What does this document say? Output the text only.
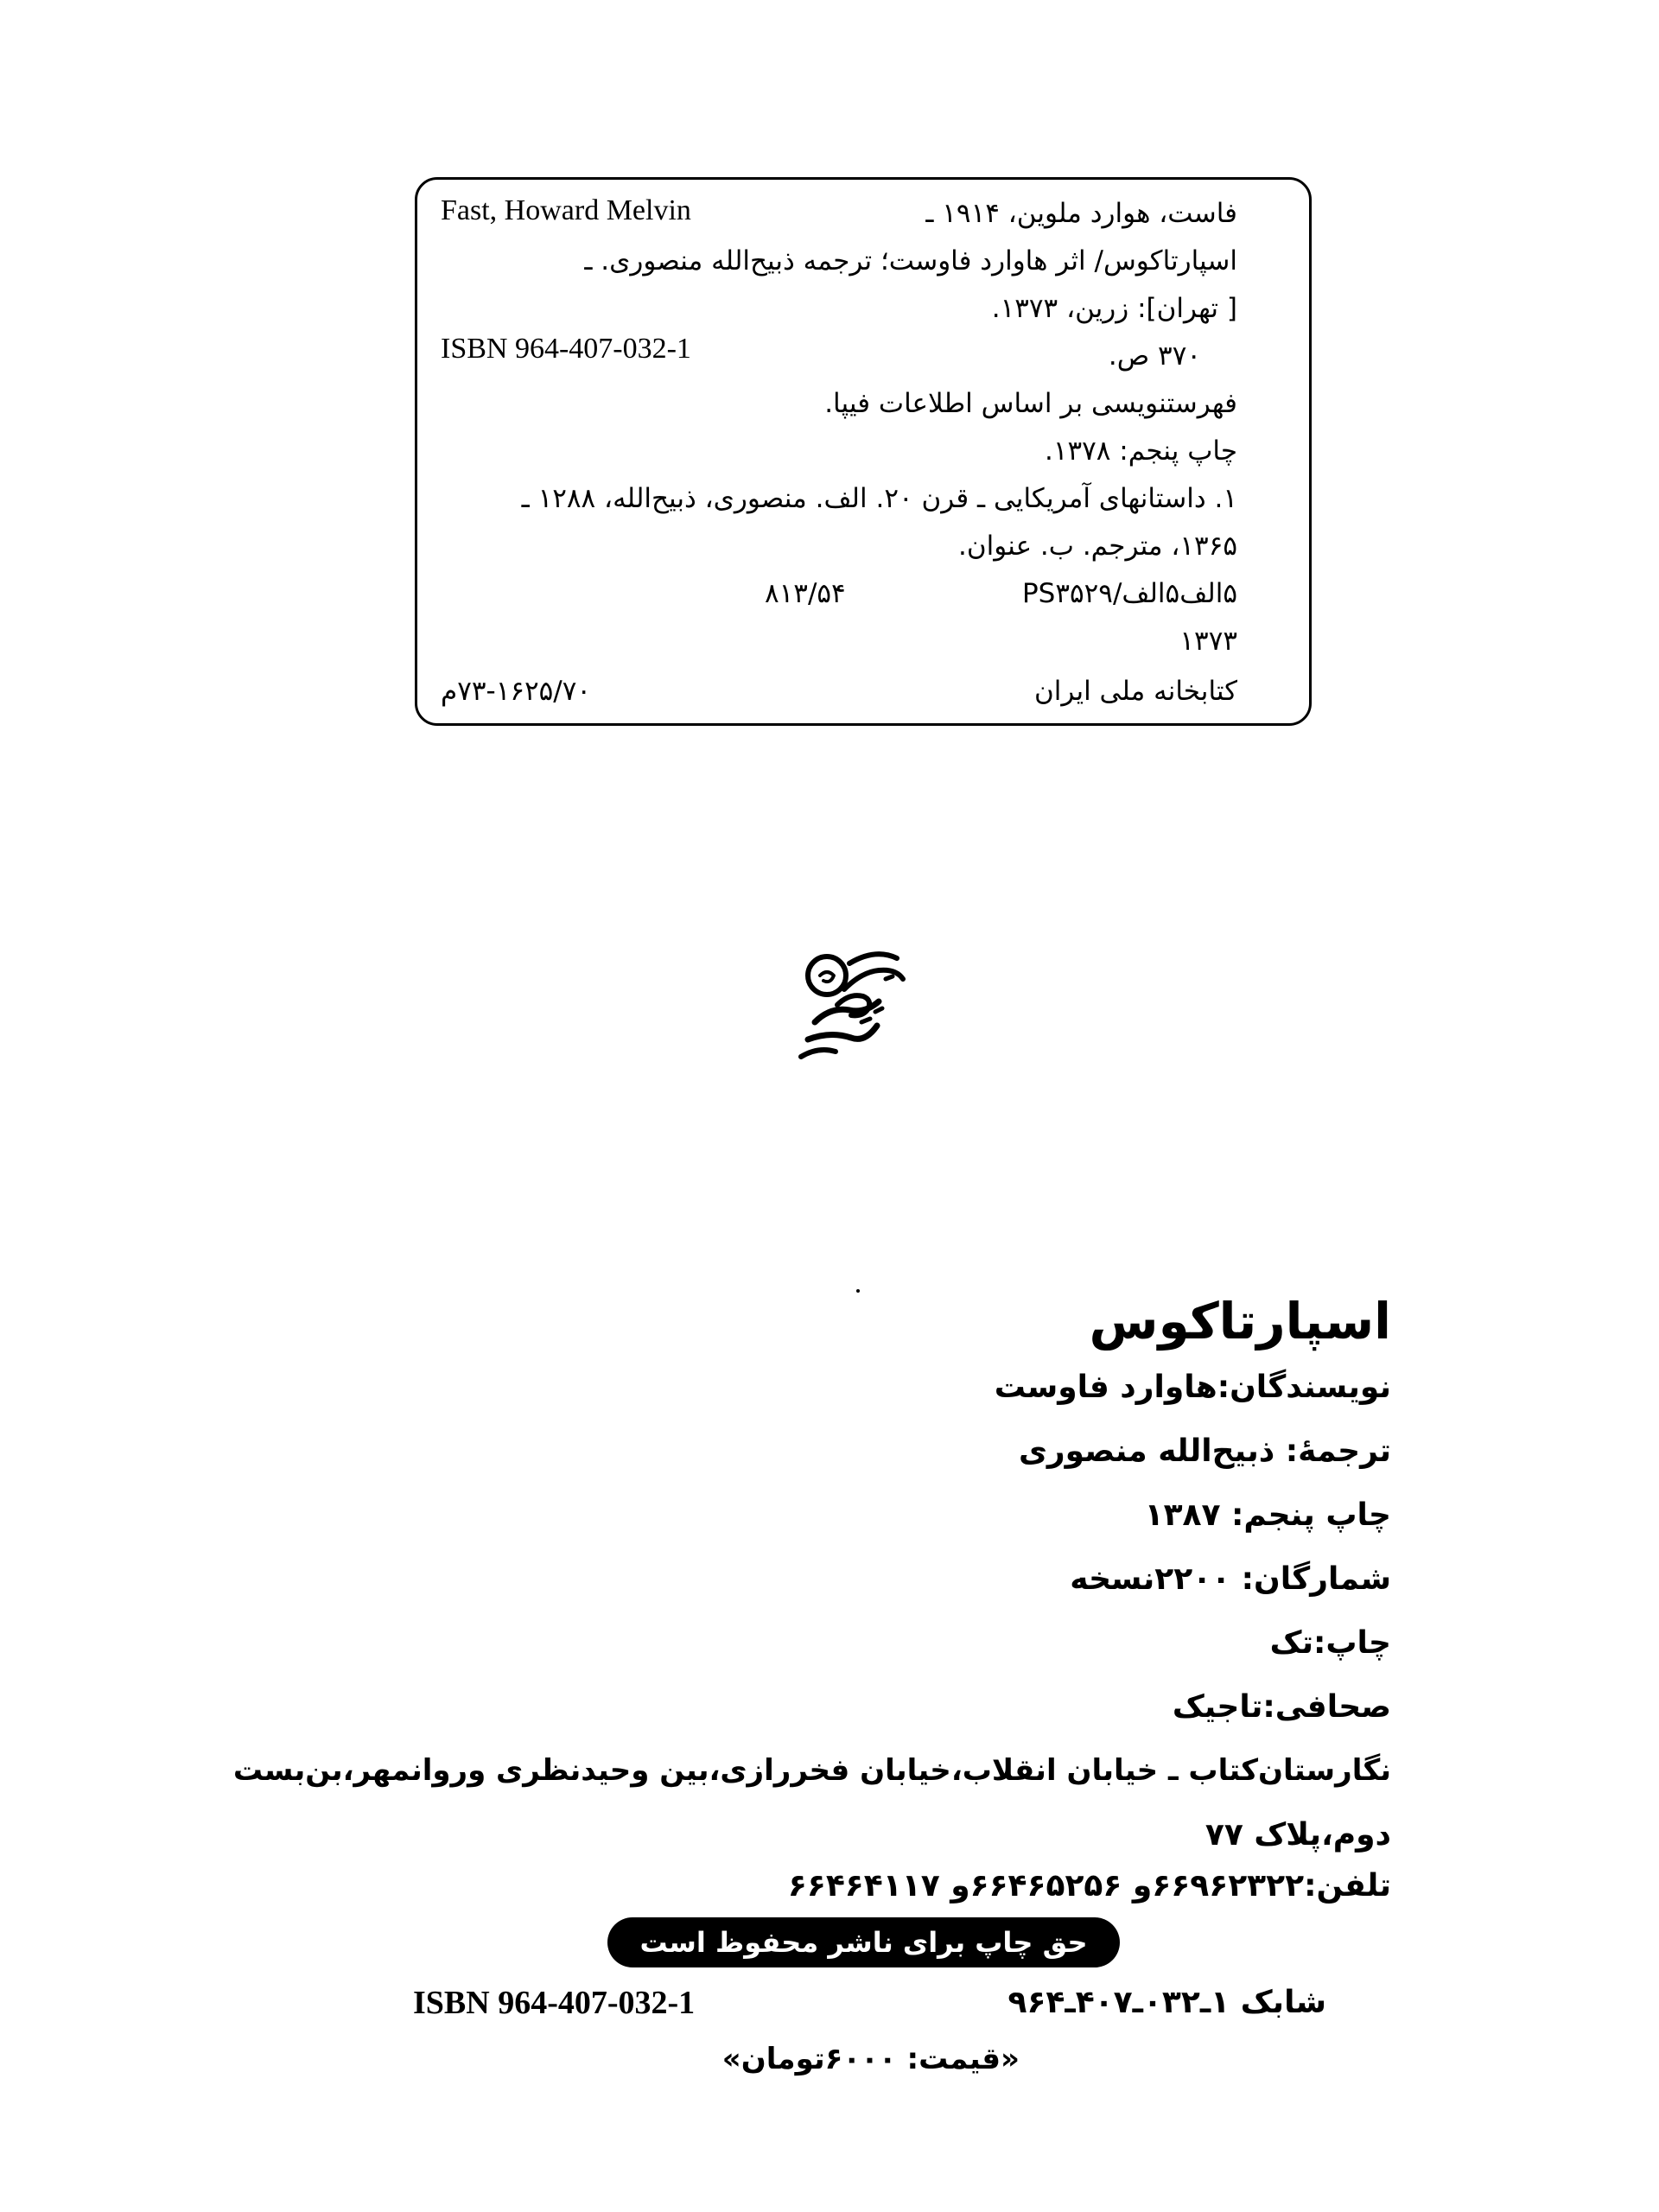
Fast, Howard Melvin	فاست، هوارد ملوین، ۱۹۱۴ ـ
اسپارتاکوس/ اثر هاوارد فاوست؛ ترجمه ذبیح‌الله منصوری. ـ
[ تهران]: زرین، ۱۳۷۳.
ISBN 964-407-032-1	۳۷۰ ص.
فهرستنویسی بر اساس اطلاعات فیپا.
چاپ پنجم: ۱۳۷۸.
۱. داستانهای آمریکایی ـ قرن ۲۰. الف. منصوری، ذبیح‌الله، ۱۲۸۸ ـ
۱۳۶۵، مترجم. ب. عنوان.
۵الف۵الف/PS۳۵۲۹
۸۱۳/۵۴
۱۳۷۳
کتابخانه ملی ایران
۷۳-۱۶۲۵/۷۰م
اسپارتاکوس
نویسندگان:هاوارد فاوست
ترجمهٔ: ذبیح‌الله منصوری
چاپ پنجم: ۱۳۸۷
شمارگان: ۲۲۰۰نسخه
چاپ:تک
صحافی:تاجیک
نگارستان‌کتاب ـ خیابان انقلاب،خیابان فخررازی،بین وحیدنظری وروانمهر،بن‌بست
دوم،پلاک ۷۷
تلفن:۶۶۹۶۲۳۲۲و ۶۶۴۶۵۲۵۶و ۶۶۴۶۴۱۱۷
حق چاپ برای ناشر محفوظ است
شابک ۱ـ۰۳۲ـ۴۰۷ـ۹۶۴
ISBN 964-407-032-1
«قیمت: ۶۰۰۰تومان»
